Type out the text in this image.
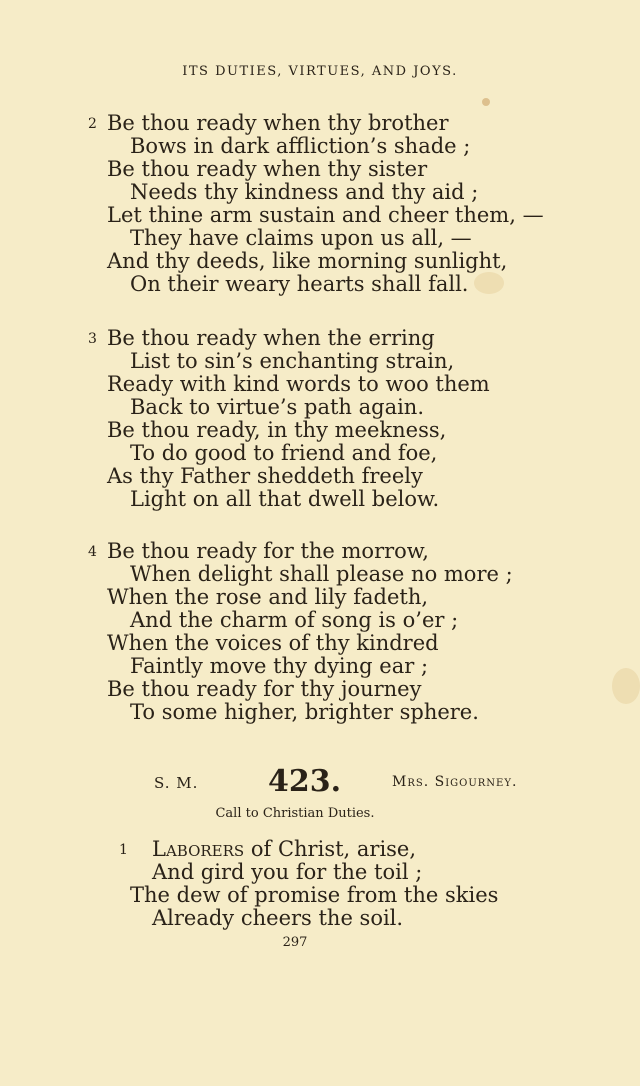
ITS DUTIES, VIRTUES, AND JOYS.
2 Be thou ready when thy brother
Bows in dark affliction’s shade ;
Be thou ready when thy sister
Needs thy kindness and thy aid ;
Let thine arm sustain and cheer them, —
They have claims upon us all, —
And thy deeds, like morning sunlight,
On their weary hearts shall fall.
3 Be thou ready when the erring
List to sin’s enchanting strain,
Ready with kind words to woo them
Back to virtue’s path again.
Be thou ready, in thy meekness,
To do good to friend and foe,
As thy Father sheddeth freely
Light on all that dwell below.
4 Be thou ready for the morrow,
When delight shall please no more ;
When the rose and lily fadeth,
And the charm of song is o’er ;
When the voices of thy kindred
Faintly move thy dying ear ;
Be thou ready for thy journey
To some higher, brighter sphere.
S. M. 423.	Mrs. Sigourney.
Call to Christian Duties.
1 Laborers of Christ, arise,
And gird you for the toil ;
The dew of promise from the skies
Already cheers the soil.
297
